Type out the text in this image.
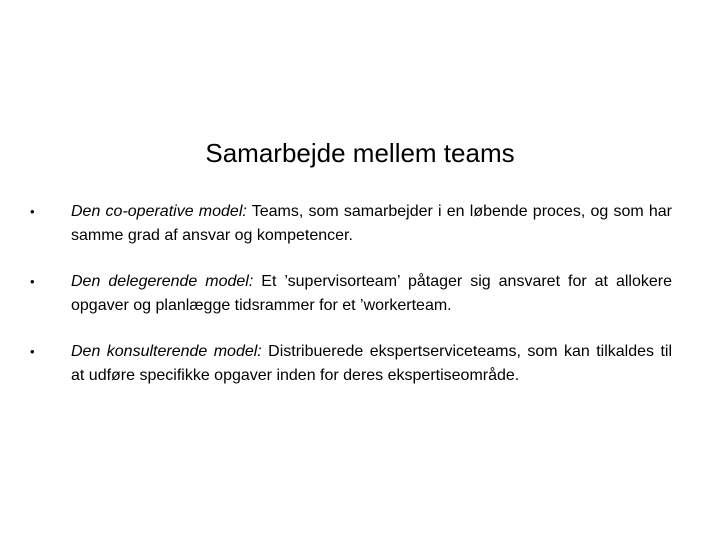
Samarbejde mellem teams
• Den co-operative model: Teams, som samarbejder i en løbende proces, og som har samme grad af ansvar og kompetencer.
• Den delegerende model: Et ’supervisorteam’ påtager sig ansvaret for at allokere opgaver og planlægge tidsrammer for et ’workerteam.
• Den konsulterende model: Distribuerede ekspertserviceteams, som kan tilkaldes til at udføre specifikke opgaver inden for deres ekspertiseområde.
